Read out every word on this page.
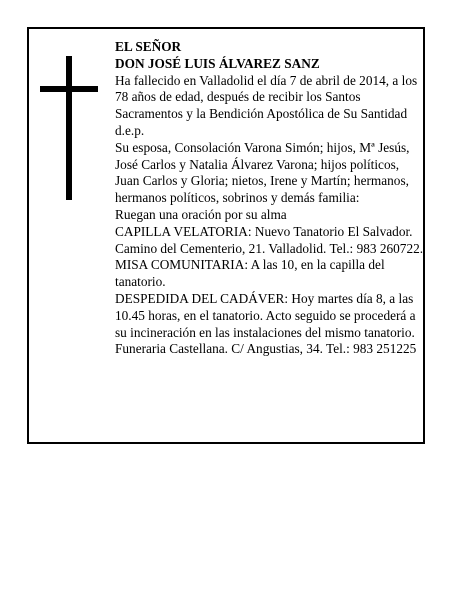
EL SEÑOR

DON JOSÉ LUIS ÁLVAREZ SANZ

Ha fallecido en Valladolid el día 7 de abril de 2014, a los 78 años de edad, después de recibir los Santos Sacramentos y la Bendición Apostólica de Su Santidad d.e.p.

Su esposa, Consolación Varona Simón; hijos, Mª Jesús, José Carlos y Natalia Álvarez Varona; hijos políticos, Juan Carlos y Gloria; nietos, Irene y Martín; hermanos, hermanos políticos, sobrinos y demás familia:

Ruegan una oración por su alma

CAPILLA VELATORIA: Nuevo Tanatorio El Salvador. Camino del Cementerio, 21. Valladolid. Tel.: 983 260722. MISA COMUNITARIA: A las 10, en la capilla del tanatorio.

DESPEDIDA DEL CADÁVER: Hoy martes día 8, a las 10.45 horas, en el tanatorio. Acto seguido se procederá a su incineración en las instalaciones del mismo tanatorio.

Funeraria Castellana. C/ Angustias, 34. Tel.: 983 251225
